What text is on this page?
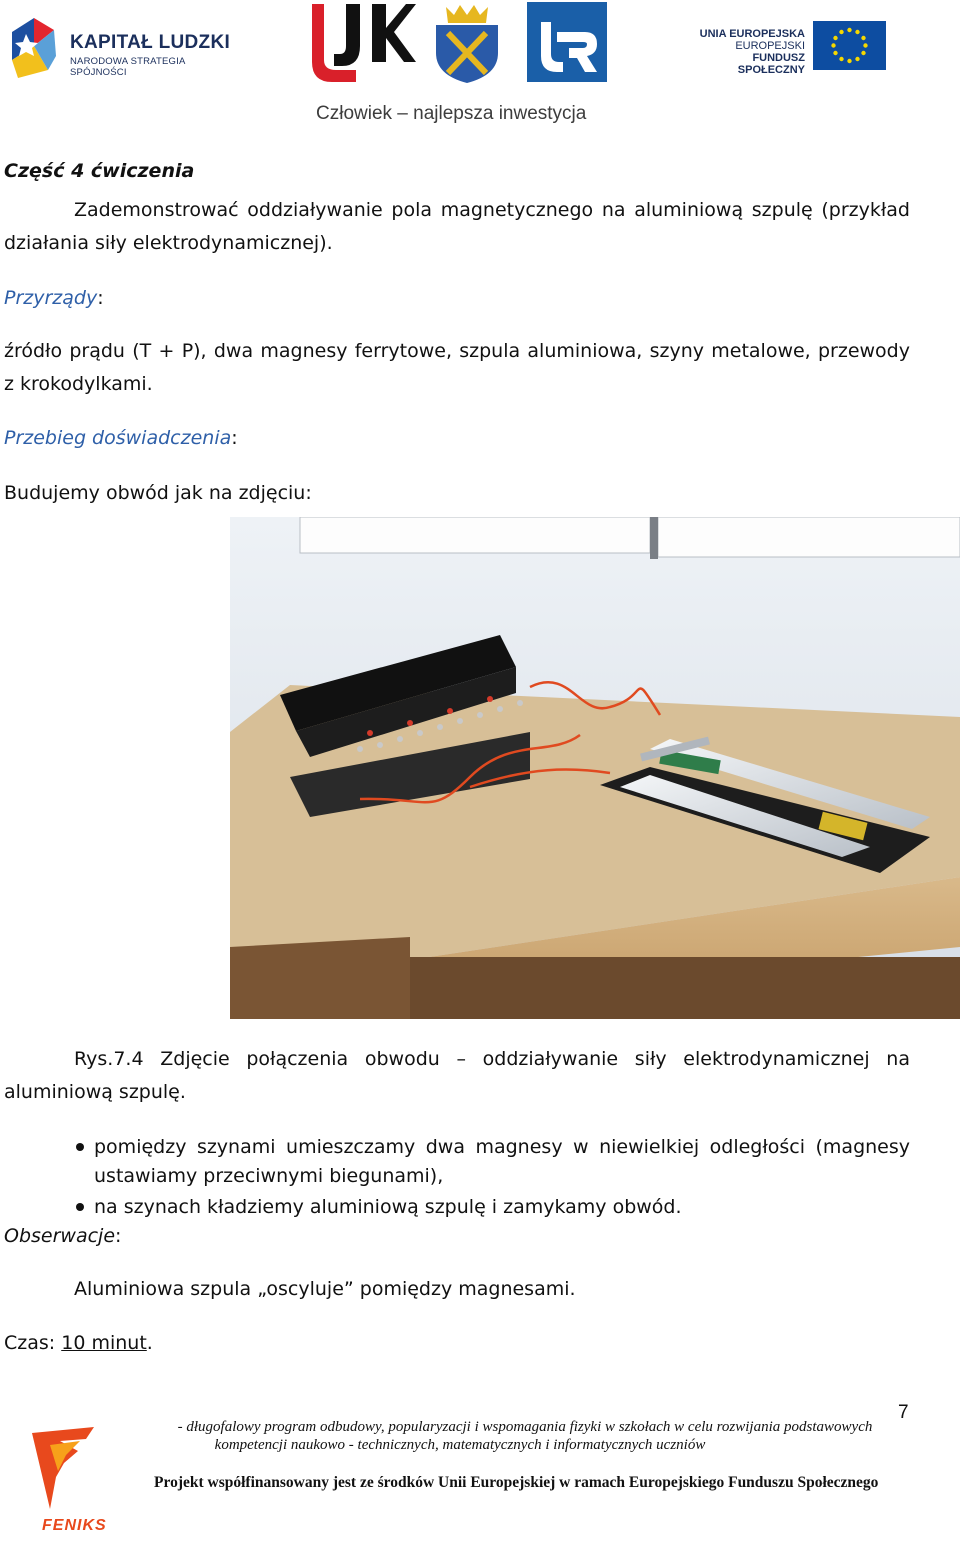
KAPITAŁ LUDZKI
NARODOWA STRATEGIA SPÓJNOŚCI
UNIA EUROPEJSKA
EUROPEJSKI
FUNDUSZ SPOŁECZNY
Człowiek – najlepsza inwestycja
Część 4 ćwiczenia
Zademonstrować oddziaływanie pola magnetycznego na aluminiową szpulę (przykład
działania siły elektrodynamicznej).
Przyrządy:
źródło prądu (T + P), dwa magnesy ferrytowe, szpula aluminiowa, szyny metalowe, przewody
z krokodylkami.
Przebieg doświadczenia:
Budujemy obwód jak na zdjęciu:
Rys.7.4 Zdjęcie połączenia obwodu – oddziaływanie siły elektrodynamicznej na
aluminiową szpulę.
pomiędzy szynami umieszczamy dwa magnesy w niewielkiej odległości (magnesy
ustawiamy przeciwnymi biegunami),
na szynach kładziemy aluminiową szpulę i zamykamy obwód.
Obserwacje:
Aluminiowa szpula „oscyluje” pomiędzy magnesami.
Czas: 10 minut.
7
FENIKS
- długofalowy program odbudowy, popularyzacji i wspomagania fizyki w szkołach w celu rozwijania podstawowych
kompetencji naukowo - technicznych, matematycznych i informatycznych uczniów
Projekt współfinansowany jest ze środków Unii Europejskiej w ramach Europejskiego Funduszu Społecznego
